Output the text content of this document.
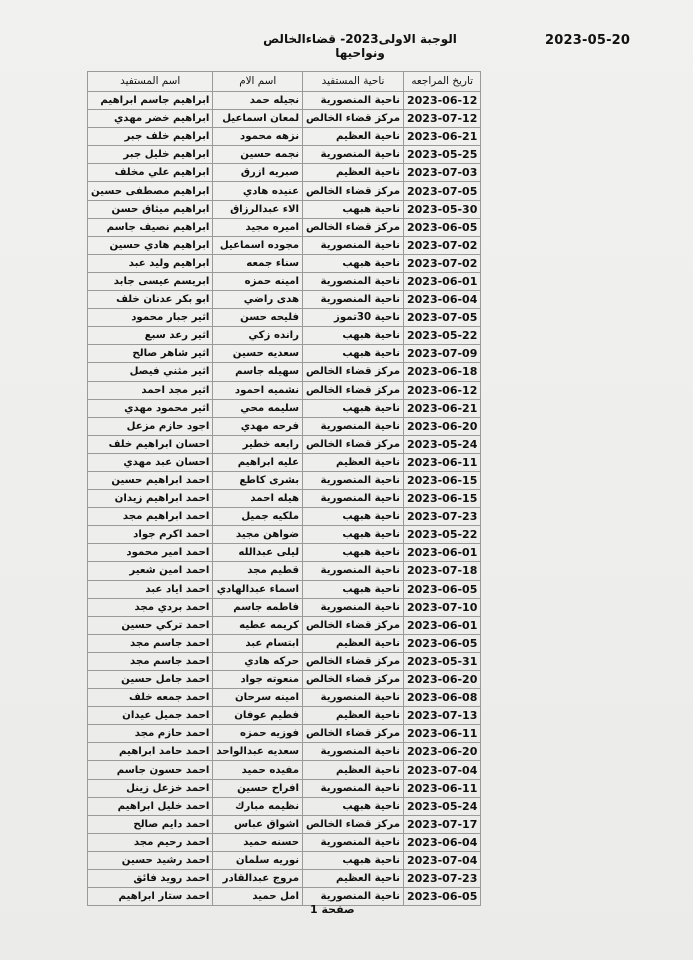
2023-05-20
الوجبة الاولى2023- قضاءالخالص ونواحيها
تاريخ المراجعه	ناحية المستفيد	اسم الام	اسم المستفيد
2023-06-12	ناحية المنصورية	نجيله حمد	ابراهيم جاسم ابراهيم
2023-07-12	مركز قضاء الخالص	لمعان اسماعيل	ابراهيم خضر مهدي
2023-06-21	ناحية العظيم	نزهه محمود	ابراهيم خلف جبر
2023-05-25	ناحية المنصورية	نجمه حسين	ابراهيم خليل جبر
2023-07-03	ناحية العظيم	صبريه ازرق	ابراهيم علي مخلف
2023-07-05	مركز قضاء الخالص	عنيده هادي	ابراهيم مصطفى حسين
2023-05-30	ناحية هبهب	الاء عبدالرزاق	ابراهيم ميثاق حسن
2023-06-05	مركز قضاء الخالص	اميره مجيد	ابراهيم نصيف جاسم
2023-07-02	ناحية المنصورية	مجوده اسماعيل	ابراهيم هادي حسين
2023-07-02	ناحية هبهب	سناء جمعه	ابراهيم وليد عبد
2023-06-01	ناحية المنصورية	امينه حمزه	ابريسم عيسى جابد
2023-06-04	ناحية المنصورية	هدى راضي	ابو بكر عدنان خلف
2023-07-05	ناحية 30تموز	فليحه حسن	اثير جبار محمود
2023-05-22	ناحية هبهب	رانده زكي	اثير رعد سبع
2023-07-09	ناحية هبهب	سعديه حسين	اثير شاهر صالح
2023-06-18	مركز قضاء الخالص	سهيله جاسم	اثير مثني فيصل
2023-06-12	مركز قضاء الخالص	نشميه احمود	اثير مجد احمد
2023-06-21	ناحية هبهب	سليمه محي	اثير محمود مهدي
2023-06-20	ناحية المنصورية	فرحه مهدي	اجود حازم مزعل
2023-05-24	مركز قضاء الخالص	رابعه خطير	احسان ابراهيم خلف
2023-06-11	ناحية العظيم	عليه ابراهيم	احسان عبد مهدي
2023-06-15	ناحية المنصورية	بشرى كاطع	احمد ابراهيم حسين
2023-06-15	ناحية المنصورية	هيله احمد	احمد ابراهيم زيدان
2023-07-23	ناحية هبهب	ملكيه جميل	احمد ابراهيم مجد
2023-05-22	ناحية هبهب	ضواهن مجيد	احمد اكرم جواد
2023-06-01	ناحية هبهب	ليلى عبدالله	احمد امير محمود
2023-07-18	ناحية المنصورية	قطيم مجد	احمد امين شعير
2023-06-05	ناحية هبهب	اسماء عبدالهادي	احمد اياد عبد
2023-07-10	ناحية المنصورية	فاطمه جاسم	احمد بردي مجد
2023-06-01	مركز قضاء الخالص	كريمه عطيه	احمد تركي حسين
2023-06-05	ناحية العظيم	ابتسام عبد	احمد جاسم مجد
2023-05-31	مركز قضاء الخالص	حركه هادي	احمد جاسم مجد
2023-06-20	مركز قضاء الخالص	منعوته جواد	احمد جامل حسين
2023-06-08	ناحية المنصورية	امينه سرحان	احمد جمعه خلف
2023-07-13	ناحية العظيم	فطيم عوفان	احمد جميل عيدان
2023-06-11	مركز قضاء الخالص	فوزيه حمزه	احمد حازم مجد
2023-06-20	ناحية المنصورية	سعديه عبدالواحد	احمد حامد ابراهيم
2023-07-04	ناحية العظيم	مفيده حميد	احمد حسون جاسم
2023-06-11	ناحية المنصورية	افراح حسين	احمد خزعل زينل
2023-05-24	ناحية هبهب	نظيمه مبارك	احمد خليل ابراهيم
2023-07-17	مركز قضاء الخالص	اشواق عباس	احمد دايم صالح
2023-06-04	ناحية المنصورية	حسنه حميد	احمد رحيم مجد
2023-07-04	ناحية هبهب	نوريه سلمان	احمد رشيد حسين
2023-07-23	ناحية العظيم	مروج عبدالقادر	احمد رويد فائق
2023-06-05	ناحية المنصورية	امل حميد	احمد ستار ابراهيم
صفحة 1
